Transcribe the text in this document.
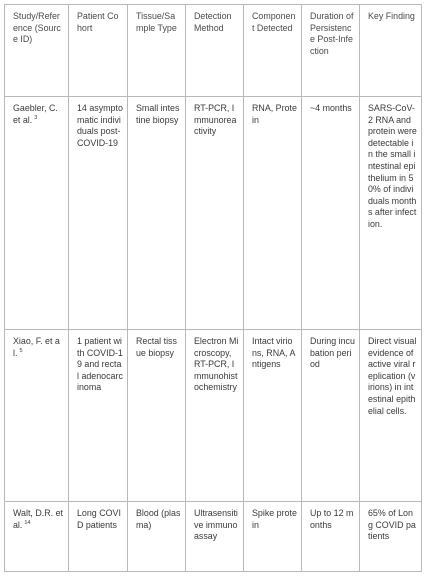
·
Study/Reference (Source ID)	Patient Cohort	Tissue/Sample Type	Detection Method	Component Detected	Duration of Persistence Post-Infection	Key Finding
Gaebler, C. et al. $^3$	14 asymptomatic individuals post-COVID-19	Small intestine biopsy	RT-PCR, Immunoreactivity	RNA, Protein	~4 months	SARS-CoV-2 RNA and protein were detectable in the small intestinal epithelium in 50% of individuals months after infection.
Xiao, F. et al. $^5$	1 patient with COVID-19 and rectal adenocarcinoma	Rectal tissue biopsy	Electron Microscopy, RT-PCR, Immunohistochemistry	Intact virions, RNA, Antigens	During incubation period	Direct visual evidence of active viral replication (virions) in intestinal epithelial cells.
Walt, D.R. et al. $^{14}$	Long COVID patients	Blood (plasma)	Ultrasensitive immunoassay	Spike protein	Up to 12 months	65% of Long COVID patients
